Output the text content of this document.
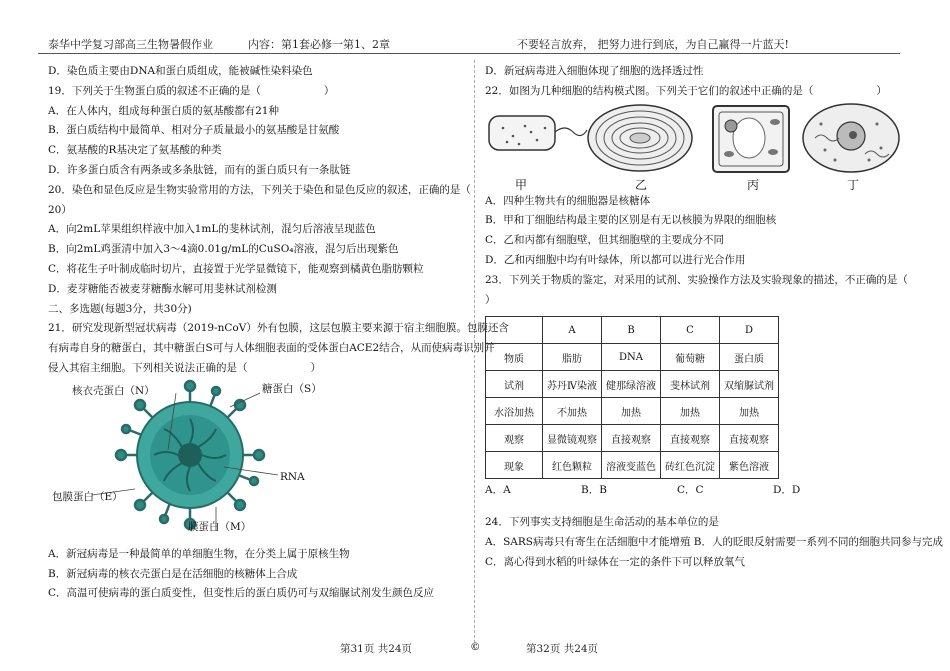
泰华中学复习部高三生物暑假作业	内容：第1套必修一第1、2章	不要轻言放弃， 把努力进行到底，为自己赢得一片蓝天!
D．染色质主要由DNA和蛋白质组成，能被碱性染料染色
19．下列关于生物蛋白质的叙述不正确的是（　　　　　　）
A．在人体内，组成每种蛋白质的氨基酸都有21种
B．蛋白质结构中最简单、相对分子质量最小的氨基酸是甘氨酸
C．氨基酸的R基决定了氨基酸的种类
D．许多蛋白质含有两条或多条肽链，而有的蛋白质只有一条肽链
20．染色和显色反应是生物实验常用的方法，下列关于染色和显色反应的叙述，正确的是（
20）
A．向2mL苹果组织样液中加入1mL的斐林试剂，混匀后溶液呈现蓝色
B．向2mL鸡蛋清中加入3～4滴0.01g/mL的CuSO₄溶液，混匀后出现紫色
C．将花生子叶制成临时切片，直接置于光学显微镜下，能观察到橘黄色脂肪颗粒
D．麦芽糖能否被麦芽糖酶水解可用斐林试剂检测
二、多选题(每题3分，共30分)
21．研究发现新型冠状病毒（2019-nCoV）外有包膜，这层包膜主要来源于宿主细胞膜。包膜还含
有病毒自身的糖蛋白，其中糖蛋白S可与人体细胞表面的受体蛋白ACE2结合，从而使病毒识别并
侵入其宿主细胞。下列相关说法正确的是（　　　　　　）
核衣壳蛋白（N）	糖蛋白（S）
RNA
包膜蛋白（E）
膜蛋白（M）
A．新冠病毒是一种最简单的单细胞生物，在分类上属于原核生物
B．新冠病毒的核衣壳蛋白是在活细胞的核糖体上合成
C．高温可使病毒的蛋白质变性，但变性后的蛋白质仍可与双缩脲试剂发生颜色反应
D．新冠病毒进入细胞体现了细胞的选择透过性
22．如图为几种细胞的结构模式图。下列关于它们的叙述中正确的是（　　　　　　）
甲	乙	丙	丁
A．四种生物共有的细胞器是核糖体
B．甲和丁细胞结构最主要的区别是有无以核膜为界限的细胞核
C．乙和丙都有细胞壁，但其细胞壁的主要成分不同
D．乙和丙细胞中均有叶绿体，所以都可以进行光合作用
23．下列关于物质的鉴定，对采用的试剂、实验操作方法及实验现象的描述，不正确的是（
）
	A	B	C	D
物质	脂肪	DNA	葡萄糖	蛋白质
试剂	苏丹Ⅳ染液	健那绿溶液	斐林试剂	双缩脲试剂
水浴加热	不加热	加热	加热	加热
观察	显微镜观察	直接观察	直接观察	直接观察
现象	红色颗粒	溶液变蓝色	砖红色沉淀	紫色溶液
A．A	B．B	C．C	D．D
24．下列事实支持细胞是生命活动的基本单位的是
A．SARS病毒只有寄生在活细胞中才能增殖 B．人的眨眼反射需要一系列不同的细胞共同参与完成
C．离心得到水稻的叶绿体在一定的条件下可以释放氧气
第31页 共24页	©	第32页 共24页
